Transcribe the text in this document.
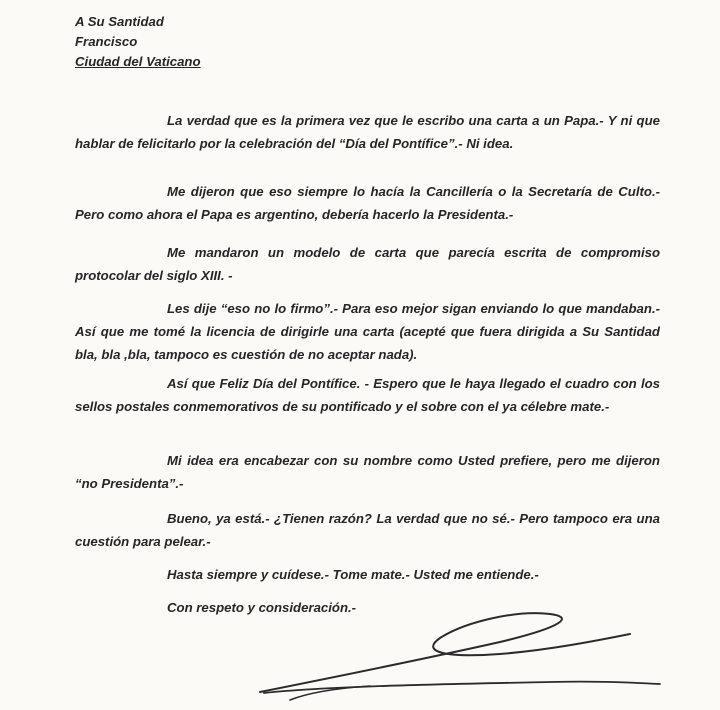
A Su Santidad

Francisco

Ciudad del Vaticano

La verdad que es la primera vez que le escribo una carta a un Papa.- Y ni que hablar de felicitarlo por la celebración del “Día del Pontífice”.- Ni idea.

Me dijeron que eso siempre lo hacía la Cancillería o la Secretaría de Culto.- Pero como ahora el Papa es argentino, debería hacerlo la Presidenta.-

Me mandaron un modelo de carta que parecía escrita de compromiso protocolar del siglo XIII. -

Les dije “eso no lo firmo”.- Para eso mejor sigan enviando lo que mandaban.- Así que me tomé la licencia de dirigirle una carta (acepté que fuera dirigida a Su Santidad bla, bla ,bla, tampoco es cuestión de no aceptar nada).

Así que Feliz Día del Pontífice. - Espero que le haya llegado el cuadro con los sellos postales conmemorativos de su pontificado y el sobre con el ya célebre mate.-

Mi idea era encabezar con su nombre como Usted prefiere, pero me dijeron “no Presidenta”.-

Bueno, ya está.- ¿Tienen razón? La verdad que no sé.- Pero tampoco era una cuestión para pelear.-

Hasta siempre y cuídese.- Tome mate.- Usted me entiende.-

Con respeto y consideración.-
